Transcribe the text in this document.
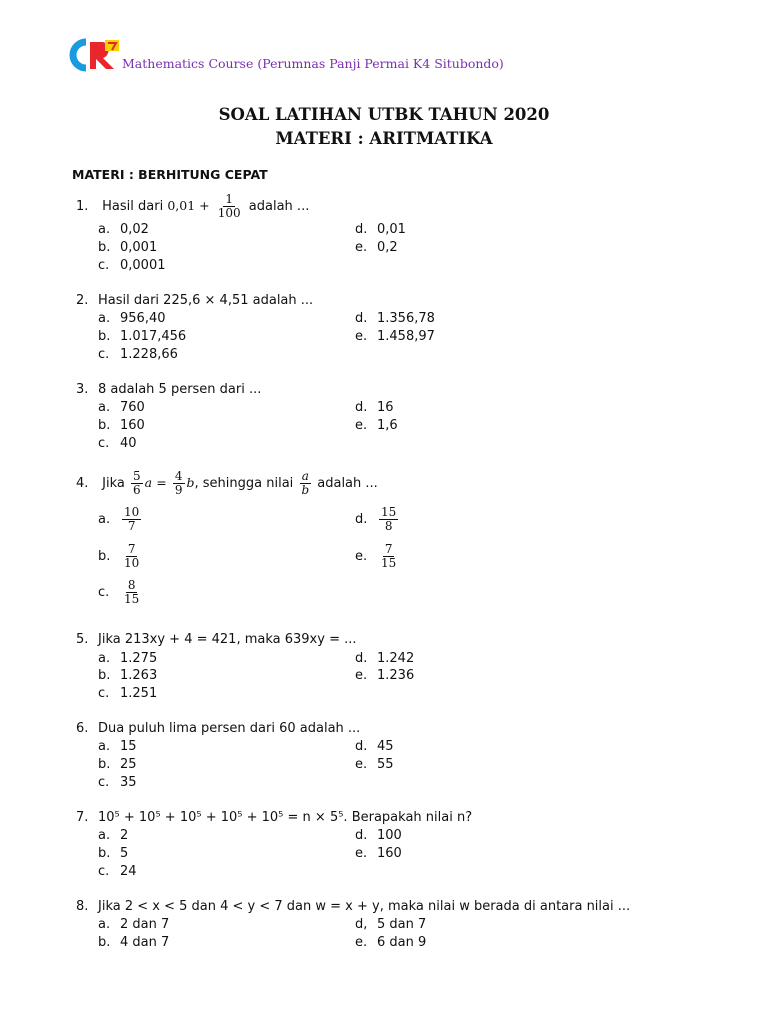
Mathematics Course (Perumnas Panji Permai K4 Situbondo)
SOAL LATIHAN UTBK TAHUN 2020
MATERI : ARITMATIKA
MATERI : BERHITUNG CEPAT
1. Hasil dari $0,01 + \frac{1}{100}$ adalah ...
a. 0,02
b. 0,001
c. 0,0001
d. 0,01
e. 0,2
2. Hasil dari 225,6 × 4,51 adalah ...
a. 956,40
b. 1.017,456
c. 1.228,66
d. 1.356,78
e. 1.458,97
3. 8 adalah 5 persen dari ...
a. 760
b. 160
c. 40
d. 16
e. 1,6
4. Jika $\frac{5}{6}$ $a = \frac{4}{9} b$, sehingga nilai $\frac{a}{b}$ adalah ...
a. $\frac{10}{7}$
b. $\frac{7}{10}$
c. $\frac{8}{15}$
d. $\frac{15}{8}$
e. $\frac{7}{15}$
5. Jika 213xy + 4 = 421, maka 639xy = ...
a. 1.275
b. 1.263
c. 1.251
d. 1.242
e. 1.236
6. Dua puluh lima persen dari 60 adalah ...
a. 15
b. 25
c. 35
d. 45
e. 55
7. 10⁵ + 10⁵ + 10⁵ + 10⁵ + 10⁵ = n × 5⁵. Berapakah nilai n?
a. 2
b. 5
c. 24
d. 100
e. 160
8. Jika 2 < x < 5 dan 4 < y < 7 dan w = x + y, maka nilai w berada di antara nilai ...
a. 2 dan 7
b. 4 dan 7
d, 5 dan 7
e. 6 dan 9
